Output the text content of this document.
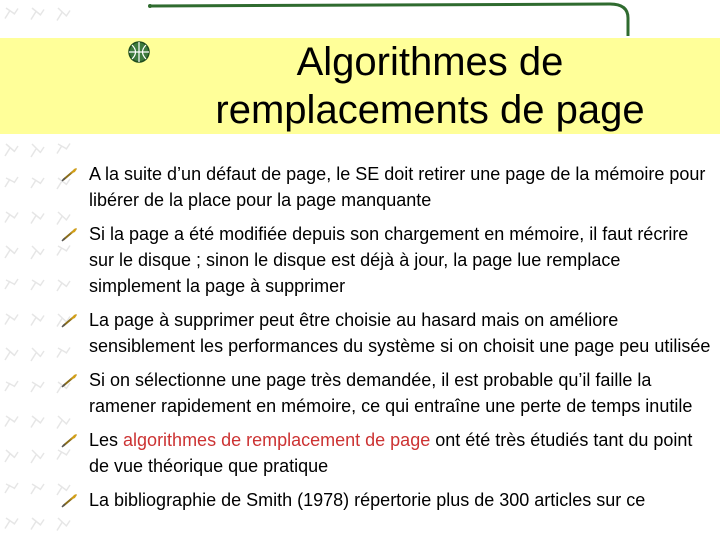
Algorithmes de
remplacements de page
A la suite d’un défaut de page, le SE doit retirer une page de la mémoire pour libérer de la place pour la page manquante
Si la page a été modifiée depuis son chargement en mémoire, il faut récrire sur le disque ; sinon le disque est déjà à jour, la page lue remplace simplement la page à supprimer
La page à supprimer peut être choisie au hasard mais on améliore sensiblement les performances du système si on choisit une page peu utilisée
Si on sélectionne une page très demandée, il est probable qu’il faille la ramener rapidement en mémoire, ce qui entraîne une perte de temps inutile
Les algorithmes de remplacement de page ont été très étudiés tant du point de vue théorique que pratique
La bibliographie de Smith (1978) répertorie plus de 300 articles sur ce
